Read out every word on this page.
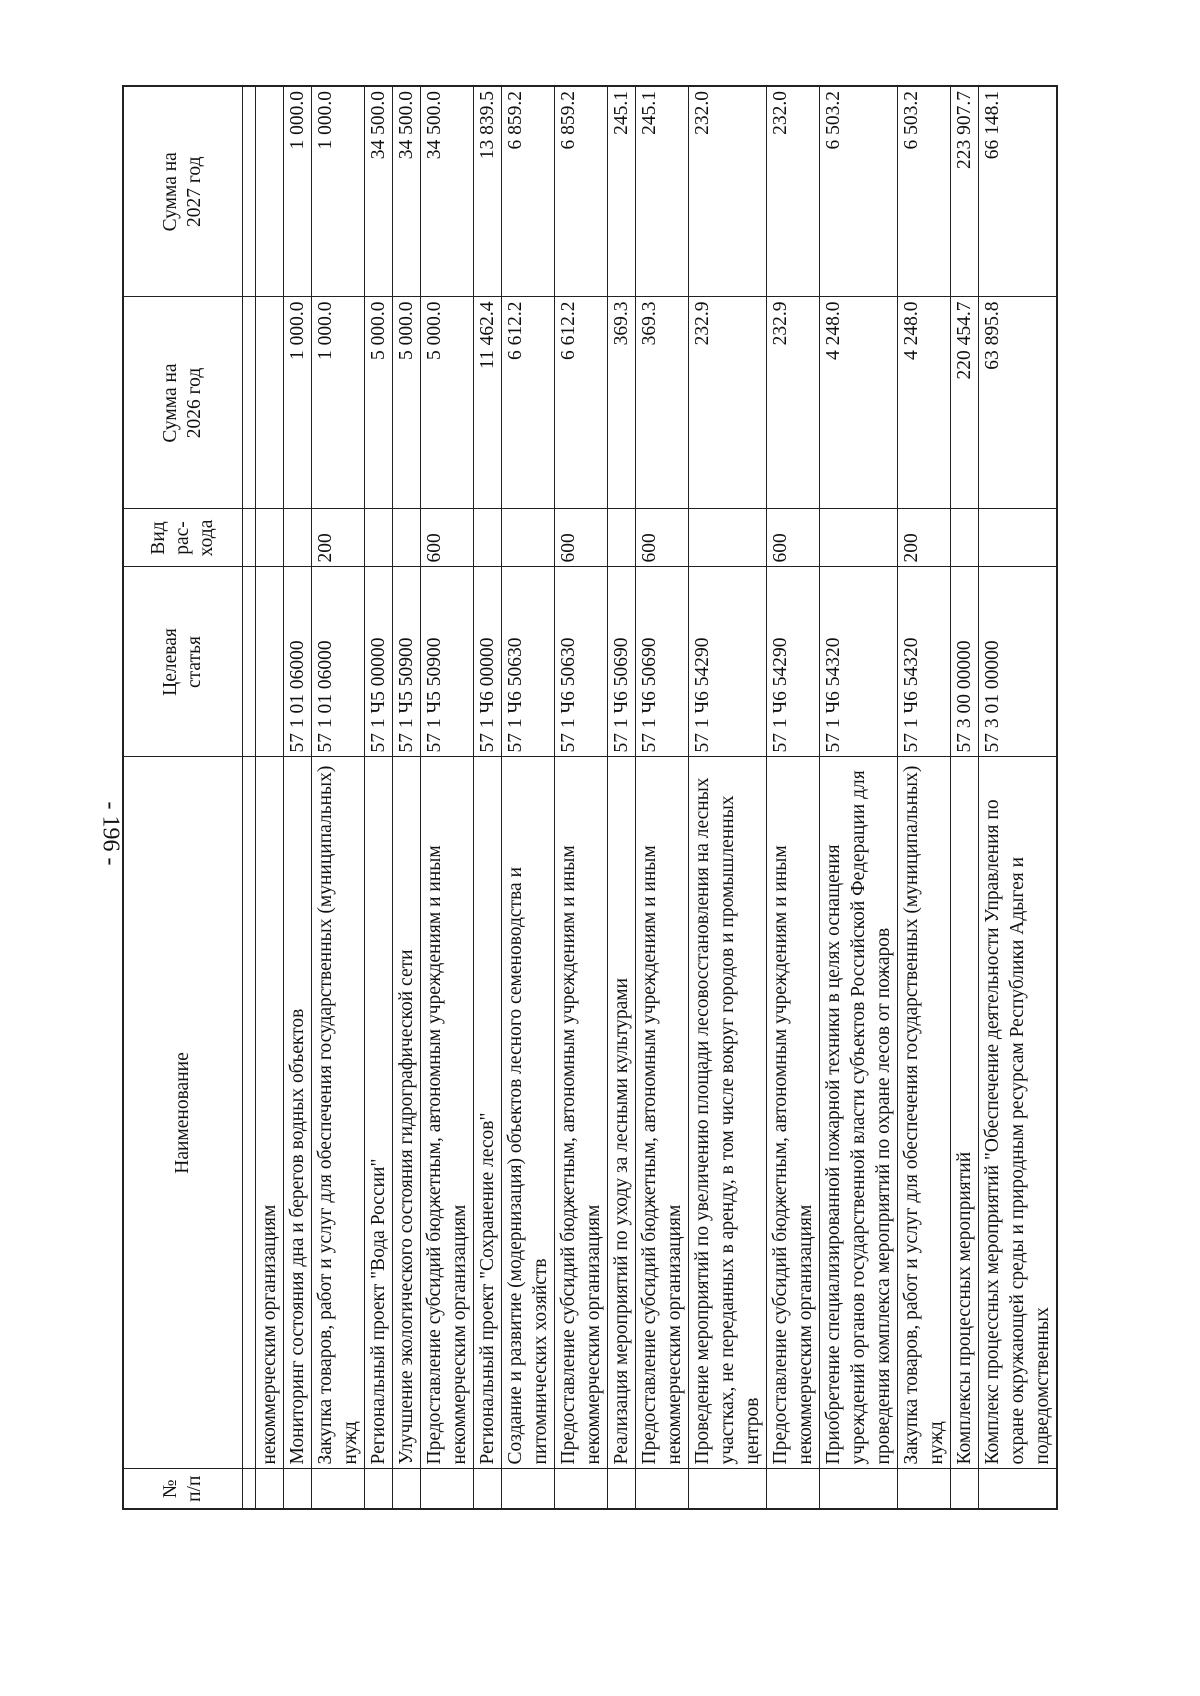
- 196 -
№ п/п	Наименование	Целевая статья	Вид рас- хода	Сумма на 2026 год	Сумма на 2027 год

	некоммерческим организациям				
	Мониторинг состояния дна и берегов водных объектов	57 1 01 06000		1 000.0	1 000.0
	Закупка товаров, работ и услуг для обеспечения государственных (муниципальных) нужд	57 1 01 06000	200	1 000.0	1 000.0
	Региональный проект "Вода России"	57 1 Ч5 00000		5 000.0	34 500.0
	Улучшение экологического состояния гидрографической сети	57 1 Ч5 50900		5 000.0	34 500.0
	Предоставление субсидий бюджетным, автономным учреждениям и иным некоммерческим организациям	57 1 Ч5 50900	600	5 000.0	34 500.0
	Региональный проект "Сохранение лесов"	57 1 Ч6 00000		11 462.4	13 839.5
	Создание и развитие (модернизация) объектов лесного семеноводства и питомнических хозяйств	57 1 Ч6 50630		6 612.2	6 859.2
	Предоставление субсидий бюджетным, автономным учреждениям и иным некоммерческим организациям	57 1 Ч6 50630	600	6 612.2	6 859.2
	Реализация мероприятий по уходу за лесными культурами	57 1 Ч6 50690		369.3	245.1
	Предоставление субсидий бюджетным, автономным учреждениям и иным некоммерческим организациям	57 1 Ч6 50690	600	369.3	245.1
	Проведение мероприятий по увеличению площади лесовосстановления на лесных участках, не переданных в аренду, в том числе вокруг городов и промышленных центров	57 1 Ч6 54290		232.9	232.0
	Предоставление субсидий бюджетным, автономным учреждениям и иным некоммерческим организациям	57 1 Ч6 54290	600	232.9	232.0
	Приобретение специализированной пожарной техники в целях оснащения учреждений органов государственной власти субъектов Российской Федерации для проведения комплекса мероприятий по охране лесов от пожаров	57 1 Ч6 54320		4 248.0	6 503.2
	Закупка товаров, работ и услуг для обеспечения государственных (муниципальных) нужд	57 1 Ч6 54320	200	4 248.0	6 503.2
	Комплексы процессных мероприятий	57 3 00 00000		220 454.7	223 907.7
	Комплекс процессных мероприятий "Обеспечение деятельности Управления по охране окружающей среды и природным ресурсам Республики Адыгея и подведомственных	57 3 01 00000		63 895.8	66 148.1
